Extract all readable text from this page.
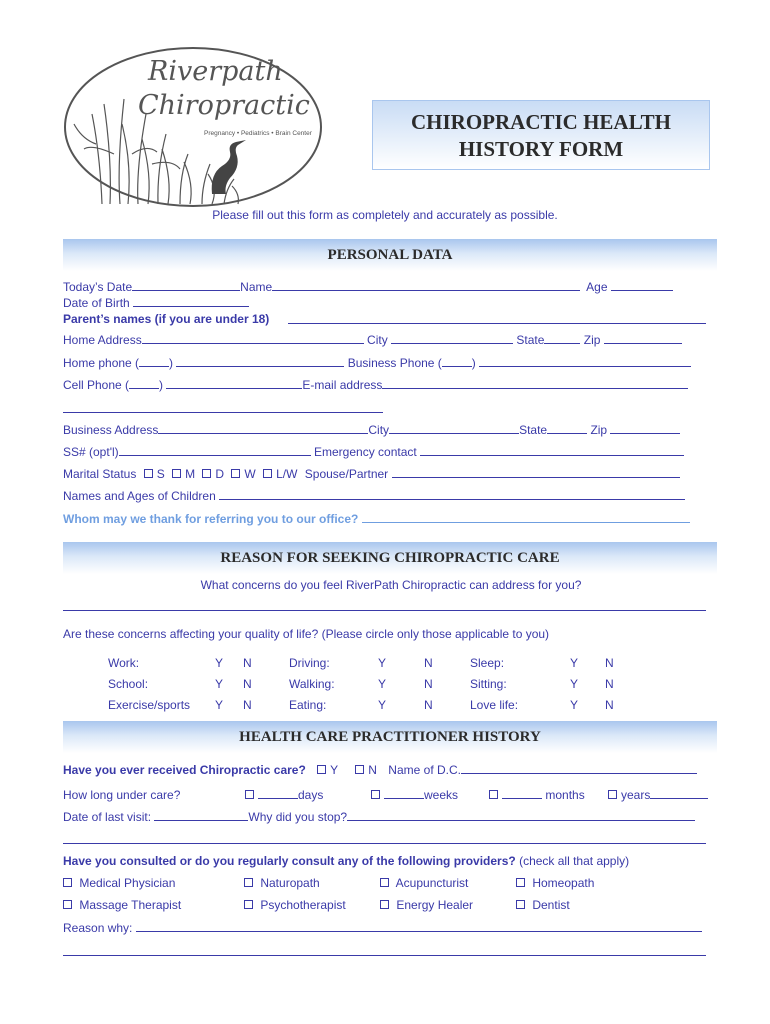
Riverpath
Chiropractic
Pregnancy • Pediatrics • Brain Center	CHIROPRACTIC HEALTH
HISTORY FORM
Please fill out this form as completely and accurately as possible.
PERSONAL DATA
Today’s Date	Name	Age
Date of Birth
Parent’s names (if you are under 18)
Home Address	City	State	Zip
Home phone (	)	Business Phone (	)
Cell Phone (	)	E-mail address
Business Address	City	State	Zip
SS# (opt'l)	Emergency contact
Marital Status S M D W L/W Spouse/Partner
Names and Ages of Children
Whom may we thank for referring you to our office?
REASON FOR SEEKING CHIROPRACTIC CARE
What concerns do you feel RiverPath Chiropractic can address for you?
Are these concerns affecting your quality of life? (Please circle only those applicable to you)
Work:	Y N	Driving:	Y	N	Sleep:	Y N
School:	Y N	Walking:	Y	N	Sitting:	Y N
Exercise/sports Y N	Eating:	Y	N	Love life:	Y N
HEALTH CARE PRACTITIONER HISTORY
Have you ever received Chiropractic care? Y	N Name of D.C.
How long under care?	days	weeks	months	years
Date of last visit:	Why did you stop?
Have you consulted or do you regularly consult any of the following providers? (check all that apply)
Medical Physician	Naturopath	Acupuncturist	Homeopath
Massage Therapist	Psychotherapist	Energy Healer	Dentist
Reason why:
